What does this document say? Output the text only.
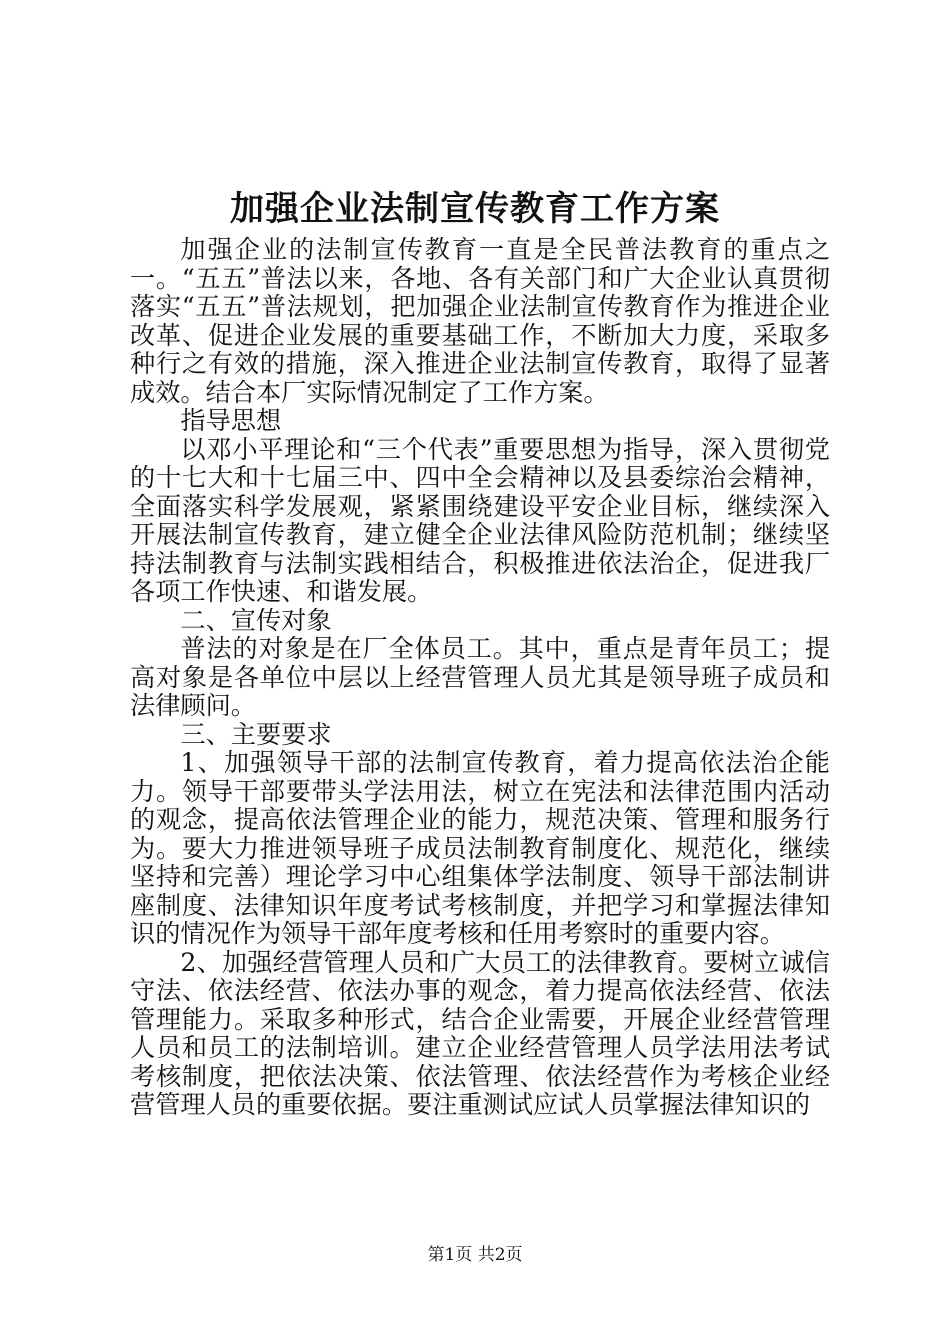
加强企业法制宣传教育工作方案

加强企业的法制宣传教育一直是全民普法教育的重点之一。“五五”普法以来，各地、各有关部门和广大企业认真贯彻落实“五五”普法规划，把加强企业法制宣传教育作为推进企业改革、促进企业发展的重要基础工作，不断加大力度，采取多种行之有效的措施，深入推进企业法制宣传教育，取得了显著成效。结合本厂实际情况制定了工作方案。

指导思想

以邓小平理论和“三个代表”重要思想为指导，深入贯彻党的十七大和十七届三中、四中全会精神以及县委综治会精神，全面落实科学发展观，紧紧围绕建设平安企业目标，继续深入开展法制宣传教育，建立健全企业法律风险防范机制；继续坚持法制教育与法制实践相结合，积极推进依法治企，促进我厂各项工作快速、和谐发展。

二、宣传对象

普法的对象是在厂全体员工。其中，重点是青年员工；提高对象是各单位中层以上经营管理人员尤其是领导班子成员和法律顾问。

三、主要要求

1、加强领导干部的法制宣传教育，着力提高依法治企能力。领导干部要带头学法用法，树立在宪法和法律范围内活动的观念，提高依法管理企业的能力，规范决策、管理和服务行为。要大力推进领导班子成员法制教育制度化、规范化，继续坚持和完善）理论学习中心组集体学法制度、领导干部法制讲座制度、法律知识年度考试考核制度，并把学习和掌握法律知识的情况作为领导干部年度考核和任用考察时的重要内容。

2、加强经营管理人员和广大员工的法律教育。要树立诚信守法、依法经营、依法办事的观念，着力提高依法经营、依法管理能力。采取多种形式，结合企业需要，开展企业经营管理人员和员工的法制培训。建立企业经营管理人员学法用法考试考核制度，把依法决策、依法管理、依法经营作为考核企业经营管理人员的重要依据。要注重测试应试人员掌握法律知识的

第1页 共2页
